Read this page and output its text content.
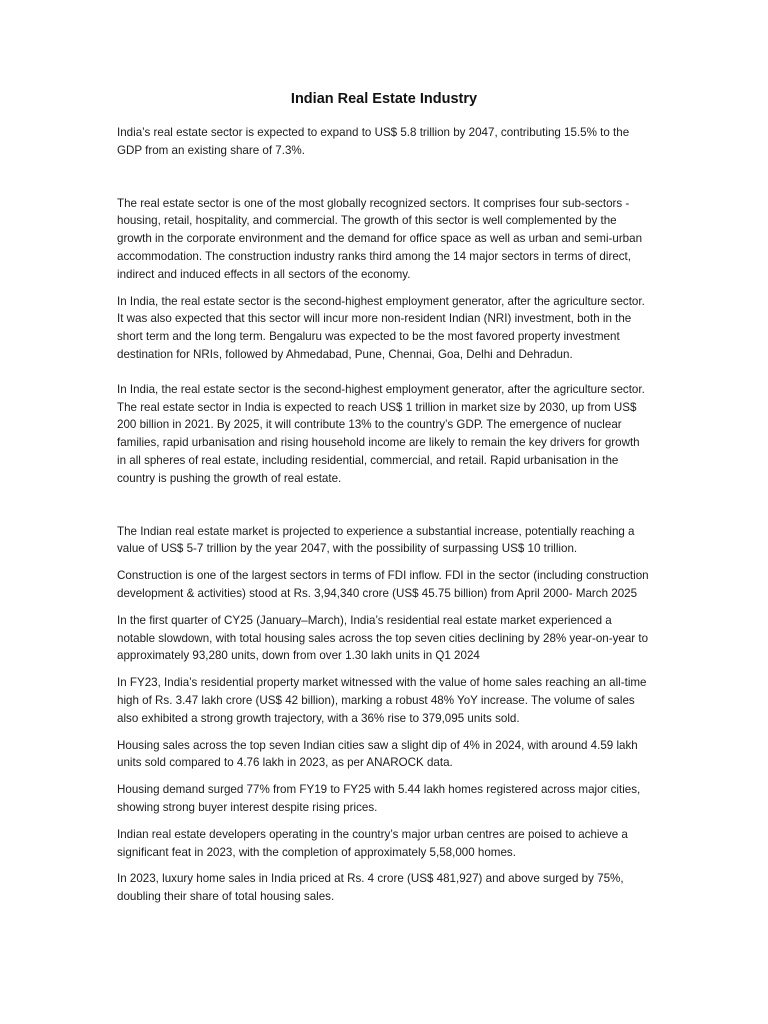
Indian Real Estate Industry

India’s real estate sector is expected to expand to US$ 5.8 trillion by 2047, contributing 15.5% to the GDP from an existing share of 7.3%.

The real estate sector is one of the most globally recognized sectors. It comprises four sub-sectors - housing, retail, hospitality, and commercial. The growth of this sector is well complemented by the growth in the corporate environment and the demand for office space as well as urban and semi-urban accommodation. The construction industry ranks third among the 14 major sectors in terms of direct, indirect and induced effects in all sectors of the economy.

In India, the real estate sector is the second-highest employment generator, after the agriculture sector. It was also expected that this sector will incur more non-resident Indian (NRI) investment, both in the short term and the long term. Bengaluru was expected to be the most favored property investment destination for NRIs, followed by Ahmedabad, Pune, Chennai, Goa, Delhi and Dehradun.

In India, the real estate sector is the second-highest employment generator, after the agriculture sector. The real estate sector in India is expected to reach US$ 1 trillion in market size by 2030, up from US$ 200 billion in 2021. By 2025, it will contribute 13% to the country’s GDP. The emergence of nuclear families, rapid urbanisation and rising household income are likely to remain the key drivers for growth in all spheres of real estate, including residential, commercial, and retail. Rapid urbanisation in the country is pushing the growth of real estate.

The Indian real estate market is projected to experience a substantial increase, potentially reaching a value of US$ 5-7 trillion by the year 2047, with the possibility of surpassing US$ 10 trillion.

Construction is one of the largest sectors in terms of FDI inflow. FDI in the sector (including construction development & activities) stood at Rs. 3,94,340 crore (US$ 45.75 billion) from April 2000- March 2025

In the first quarter of CY25 (January–March), India’s residential real estate market experienced a notable slowdown, with total housing sales across the top seven cities declining by 28% year-on-year to approximately 93,280 units, down from over 1.30 lakh units in Q1 2024

In FY23, India’s residential property market witnessed with the value of home sales reaching an all-time high of Rs. 3.47 lakh crore (US$ 42 billion), marking a robust 48% YoY increase. The volume of sales also exhibited a strong growth trajectory, with a 36% rise to 379,095 units sold.

Housing sales across the top seven Indian cities saw a slight dip of 4% in 2024, with around 4.59 lakh units sold compared to 4.76 lakh in 2023, as per ANAROCK data.

Housing demand surged 77% from FY19 to FY25 with 5.44 lakh homes registered across major cities, showing strong buyer interest despite rising prices.

Indian real estate developers operating in the country’s major urban centres are poised to achieve a significant feat in 2023, with the completion of approximately 5,58,000 homes.

In 2023, luxury home sales in India priced at Rs. 4 crore (US$ 481,927) and above surged by 75%, doubling their share of total housing sales.
